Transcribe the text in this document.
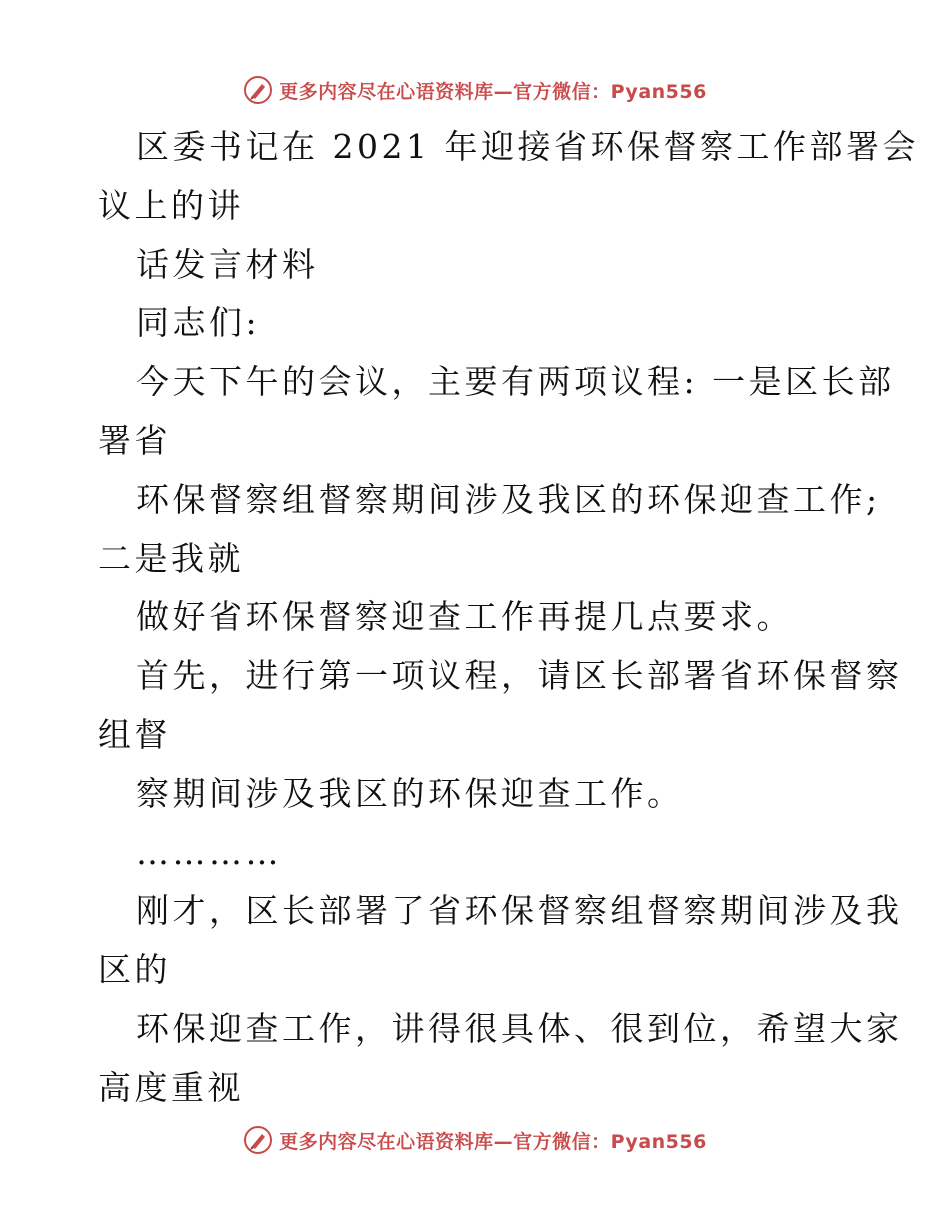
更多内容尽在心语资料库—官方微信：Pyan556
区委书记在 2021 年迎接省环保督察工作部署会
议上的讲
话发言材料
同志们:
今天下午的会议，主要有两项议程: 一是区长部
署省
环保督察组督察期间涉及我区的环保迎查工作;
二是我就
做好省环保督察迎查工作再提几点要求。
首先，进行第一项议程，请区长部署省环保督察
组督
察期间涉及我区的环保迎查工作。
…………
刚才，区长部署了省环保督察组督察期间涉及我
区的
环保迎查工作，讲得很具体、很到位，希望大家
高度重视
更多内容尽在心语资料库—官方微信：Pyan556
